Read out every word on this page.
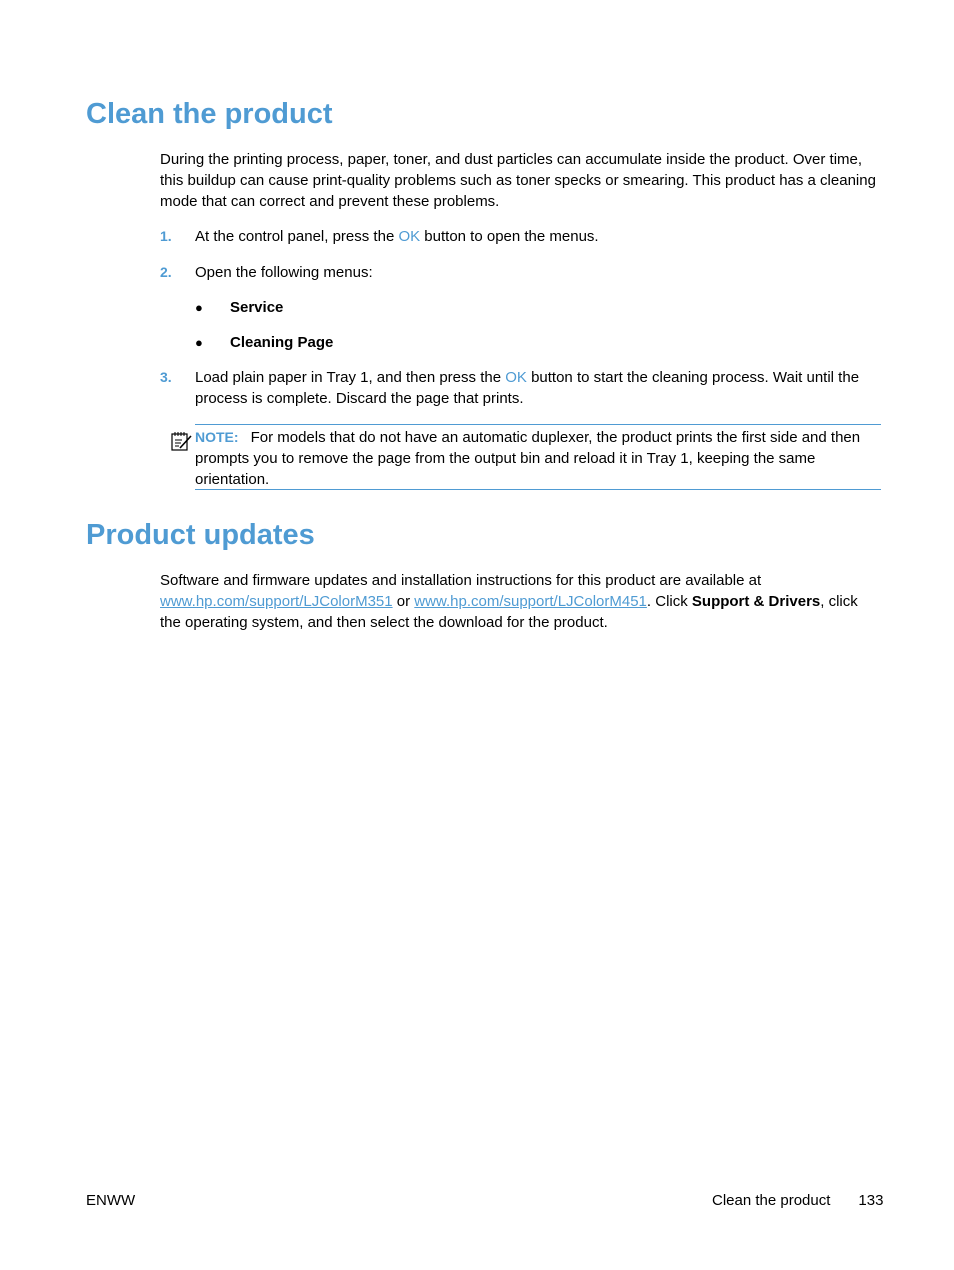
Clean the product

During the printing process, paper, toner, and dust particles can accumulate inside the product. Over time, this buildup can cause print-quality problems such as toner specks or smearing. This product has a cleaning mode that can correct and prevent these problems.

1. At the control panel, press the OK button to open the menus.
2. Open the following menus:
● Service
● Cleaning Page
3. Load plain paper in Tray 1, and then press the OK button to start the cleaning process. Wait until the process is complete. Discard the page that prints.
NOTE: For models that do not have an automatic duplexer, the product prints the first side and then prompts you to remove the page from the output bin and reload it in Tray 1, keeping the same orientation.
Product updates

Software and firmware updates and installation instructions for this product are available at www.hp.com/support/LJColorM351 or www.hp.com/support/LJColorM451. Click Support & Drivers, click the operating system, and then select the download for the product.

ENWW	Clean the product 133
